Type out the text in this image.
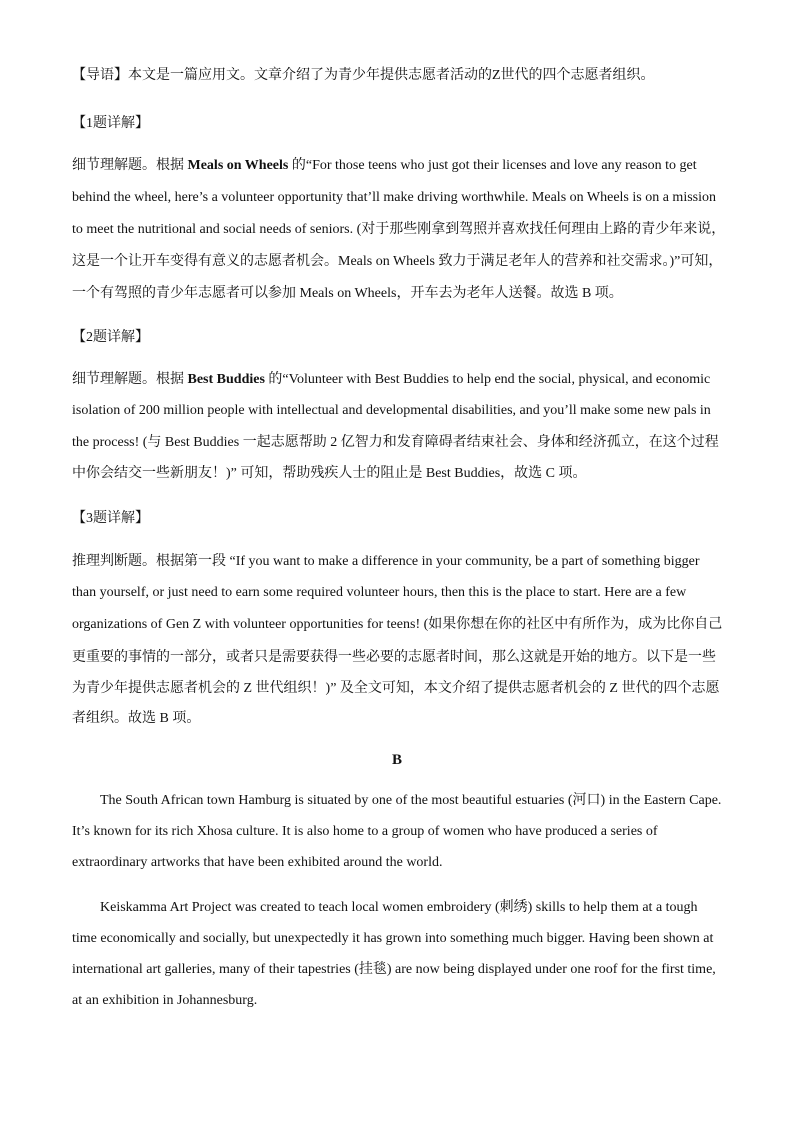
【导语】本文是一篇应用文。文章介绍了为青少年提供志愿者活动的Z世代的四个志愿者组织。
【1题详解】
细节理解题。根据 Meals on Wheels 的“For those teens who just got their licenses and love any reason to get
behind the wheel, here’s a volunteer opportunity that’ll make driving worthwhile. Meals on Wheels is on a mission
to meet the nutritional and social needs of seniors. (对于那些刚拿到驾照并喜欢找任何理由上路的青少年来说，
这是一个让开车变得有意义的志愿者机会。Meals on Wheels 致力于满足老年人的营养和社交需求。)”可知，
一个有驾照的青少年志愿者可以参加 Meals on Wheels，开车去为老年人送餐。故选 B 项。
【2题详解】
细节理解题。根据 Best Buddies 的“Volunteer with Best Buddies to help end the social, physical, and economic
isolation of 200 million people with intellectual and developmental disabilities, and you’ll make some new pals in
the process! (与 Best Buddies 一起志愿帮助 2 亿智力和发育障碍者结束社会、身体和经济孤立，在这个过程
中你会结交一些新朋友！)” 可知，帮助残疾人士的阻止是 Best Buddies，故选 C 项。
【3题详解】
推理判断题。根据第一段 “If you want to make a difference in your community, be a part of something bigger
than yourself, or just need to earn some required volunteer hours, then this is the place to start. Here are a few
organizations of Gen Z with volunteer opportunities for teens! (如果你想在你的社区中有所作为，成为比你自己
更重要的事情的一部分，或者只是需要获得一些必要的志愿者时间，那么这就是开始的地方。以下是一些
为青少年提供志愿者机会的 Z 世代组织！)” 及全文可知，本文介绍了提供志愿者机会的 Z 世代的四个志愿
者组织。故选 B 项。
B
The South African town Hamburg is situated by one of the most beautiful estuaries (河口) in the Eastern Cape.
It’s known for its rich Xhosa culture. It is also home to a group of women who have produced a series of
extraordinary artworks that have been exhibited around the world.
Keiskamma Art Project was created to teach local women embroidery (刺绣) skills to help them at a tough
time economically and socially, but unexpectedly it has grown into something much bigger. Having been shown at
international art galleries, many of their tapestries (挂毯) are now being displayed under one roof for the first time,
at an exhibition in Johannesburg.
